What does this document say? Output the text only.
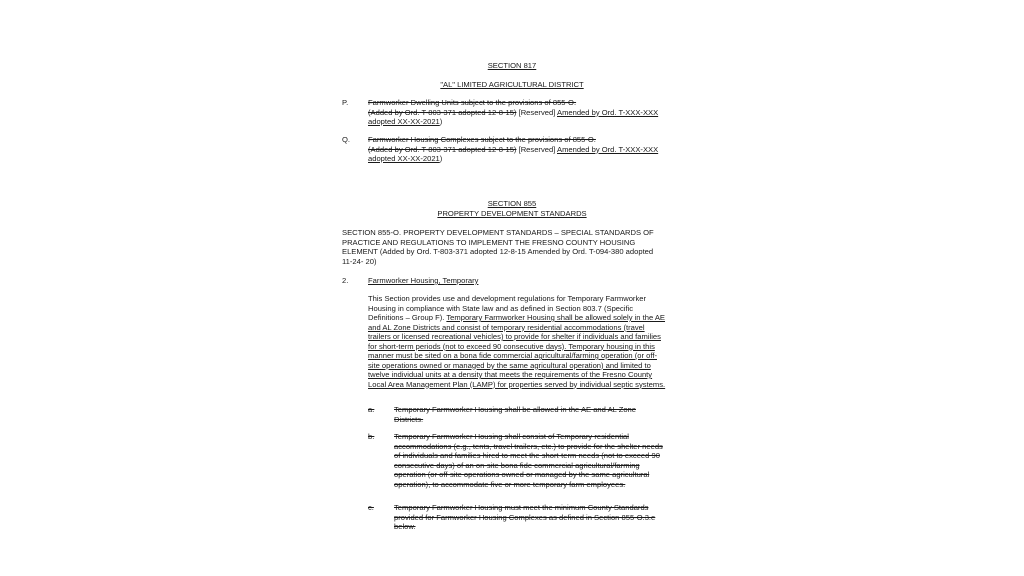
SECTION 817
"AL" LIMITED AGRICULTURAL DISTRICT
P.	Farmworker Dwelling Units subject to the provisions of 855-O.
(Added by Ord. T-803-371 adopted 12-8-15) [Reserved] Amended by Ord. T-XXX-XXX
adopted XX-XX-2021)
Q. Farmworker Housing Complexes subject to the provisions of 855-O.
(Added by Ord. T-803-371 adopted 12-8-15) [Reserved] Amended by Ord. T-XXX-XXX
adopted XX-XX-2021)
SECTION 855
PROPERTY DEVELOPMENT STANDARDS
SECTION 855-O. PROPERTY DEVELOPMENT STANDARDS – SPECIAL STANDARDS OF
PRACTICE AND REGULATIONS TO IMPLEMENT THE FRESNO COUNTY HOUSING
ELEMENT (Added by Ord. T-803-371 adopted 12-8-15 Amended by Ord. T-094-380 adopted
11-24- 20)
2.	Farmworker Housing, Temporary
This Section provides use and development regulations for Temporary Farmworker
Housing in compliance with State law and as defined in Section 803.7 (Specific
Definitions – Group F). Temporary Farmworker Housing shall be allowed solely in the AE
and AL Zone Districts and consist of temporary residential accommodations (travel
trailers or licensed recreational vehicles) to provide for shelter if individuals and families
for short-term periods (not to exceed 90 consecutive days). Temporary housing in this
manner must be sited on a bona fide commercial agricultural/farming operation (or off-
site operations owned or managed by the same agricultural operation) and limited to
twelve individual units at a density that meets the requirements of the Fresno County
Local Area Management Plan (LAMP) for properties served by individual septic systems.
a.	Temporary Farmworker Housing shall be allowed in the AE and AL Zone
Districts.
b.	Temporary Farmworker Housing shall consist of Temporary residential
accommodations (e.g., tents, travel trailers, etc.) to provide for the shelter needs
of individuals and families hired to meet the short-term needs (not to exceed 90
consecutive days) of an on-site bona fide commercial agricultural/farming
operation (or off-site operations owned or managed by the same agricultural
operation), to accommodate five or more temporary farm employees.
c.	Temporary Farmworker Housing must meet the minimum County Standards
provided for Farmworker Housing Complexes as defined in Section 855-O.3.e
below.
